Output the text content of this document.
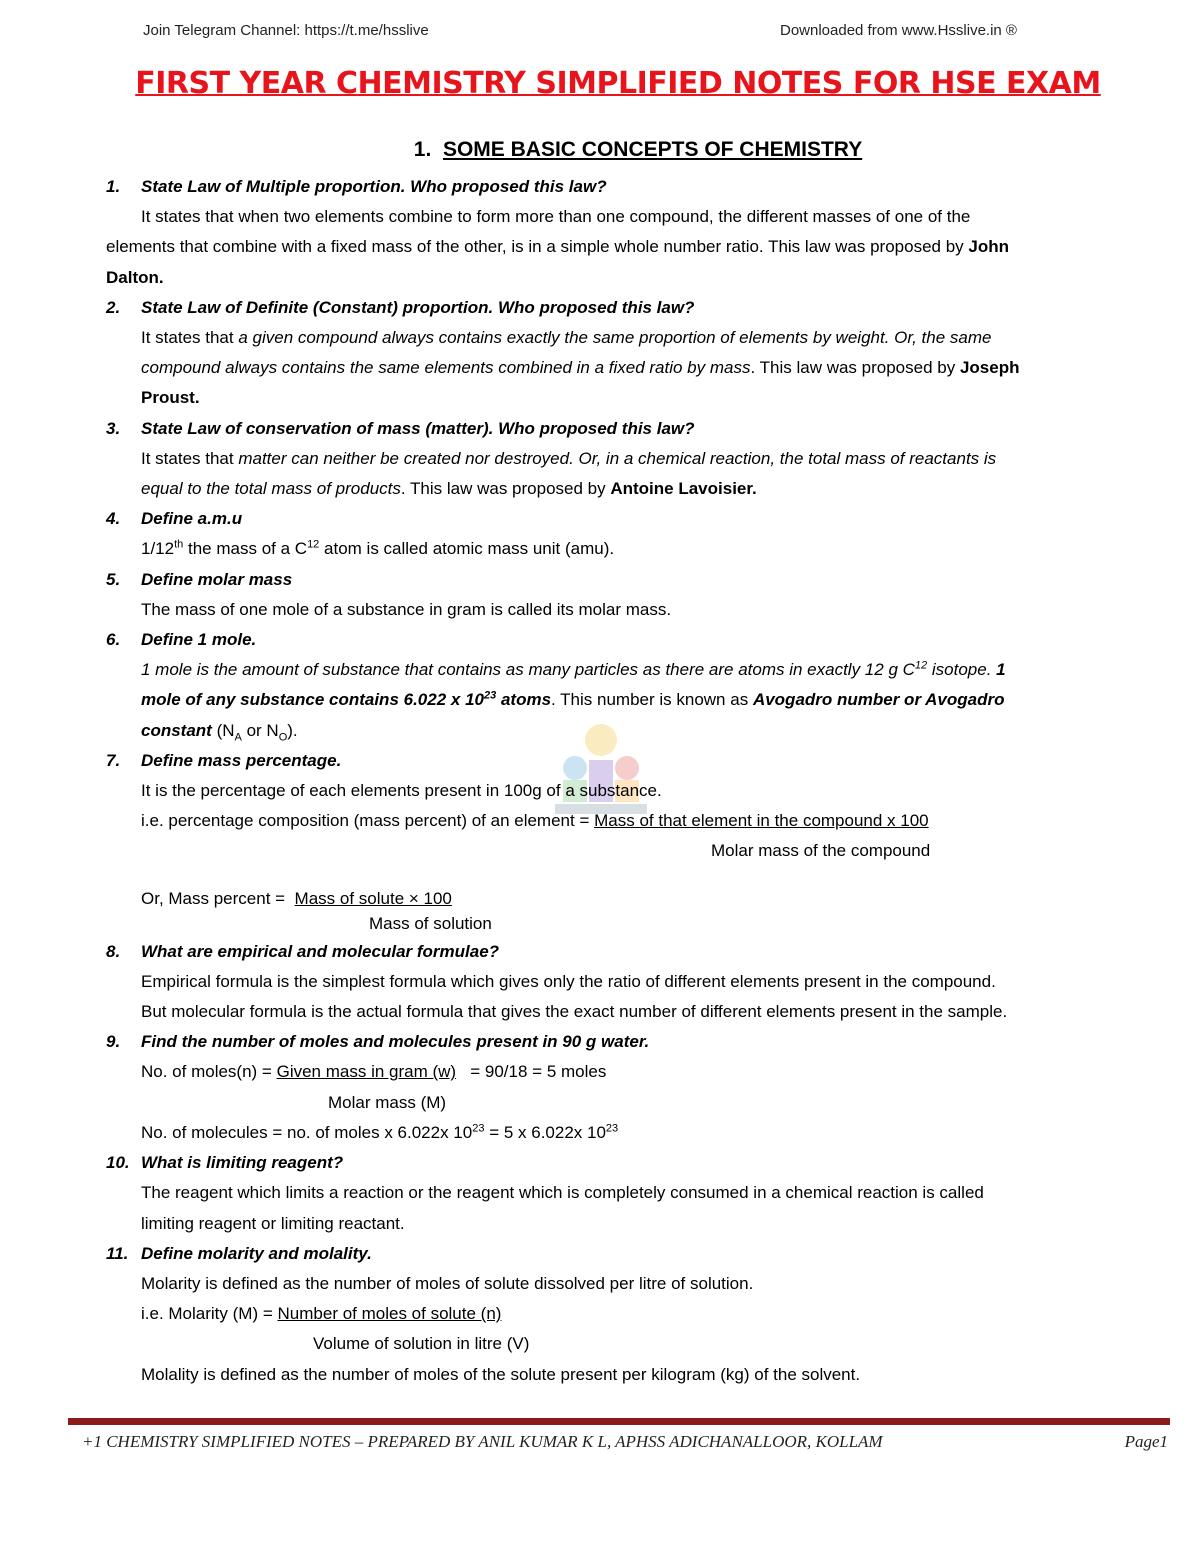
Join Telegram Channel: https://t.me/hsslive	Downloaded from www.Hsslive.in ®
FIRST YEAR CHEMISTRY SIMPLIFIED NOTES FOR HSE EXAM
1. SOME BASIC CONCEPTS OF CHEMISTRY
1. State Law of Multiple proportion. Who proposed this law?
It states that when two elements combine to form more than one compound, the different masses of one of the
elements that combine with a fixed mass of the other, is in a simple whole number ratio. This law was proposed by John
Dalton.
2. State Law of Definite (Constant) proportion. Who proposed this law?
It states that a given compound always contains exactly the same proportion of elements by weight. Or, the same
compound always contains the same elements combined in a fixed ratio by mass. This law was proposed by Joseph
Proust.
3. State Law of conservation of mass (matter). Who proposed this law?
It states that matter can neither be created nor destroyed. Or, in a chemical reaction, the total mass of reactants is
equal to the total mass of products. This law was proposed by Antoine Lavoisier.
4. Define a.m.u
1/12th the mass of a $C^{12}$ atom is called atomic mass unit (amu).
5. Define molar mass
The mass of one mole of a substance in gram is called its molar mass.
6. Define 1 mole.
1 mole is the amount of substance that contains as many particles as there are atoms in exactly 12 g $C^{12}$ isotope. 1
mole of any substance contains 6.022 x $10^{23}$ atoms. This number is known as Avogadro number or Avogadro
constant ($N_A$ or $N_O$).
7. Define mass percentage.
It is the percentage of each elements present in 100g of a substance.
i.e. percentage composition (mass percent) of an element = Mass of that element in the compound x 100
Molar mass of the compound
Or, Mass percent = Mass of solute × 100
Mass of solution
8. What are empirical and molecular formulae?
Empirical formula is the simplest formula which gives only the ratio of different elements present in the compound.
But molecular formula is the actual formula that gives the exact number of different elements present in the sample.
9. Find the number of moles and molecules present in 90 g water.
No. of moles(n) = Given mass in gram (w) = 90/18 = 5 moles
Molar mass (M)
No. of molecules = no. of moles x 6.022x $10^{23} = 5$ x 6.022x $10^{23}$
10. What is limiting reagent?
The reagent which limits a reaction or the reagent which is completely consumed in a chemical reaction is called
limiting reagent or limiting reactant.
11. Define molarity and molality.
Molarity is defined as the number of moles of solute dissolved per litre of solution.
i.e. Molarity (M) = Number of moles of solute (n)
Volume of solution in litre (V)
Molality is defined as the number of moles of the solute present per kilogram (kg) of the solvent.
+1 CHEMISTRY SIMPLIFIED NOTES – PREPARED BY ANIL KUMAR K L, APHSS ADICHANALLOOR, KOLLAM	Page1
